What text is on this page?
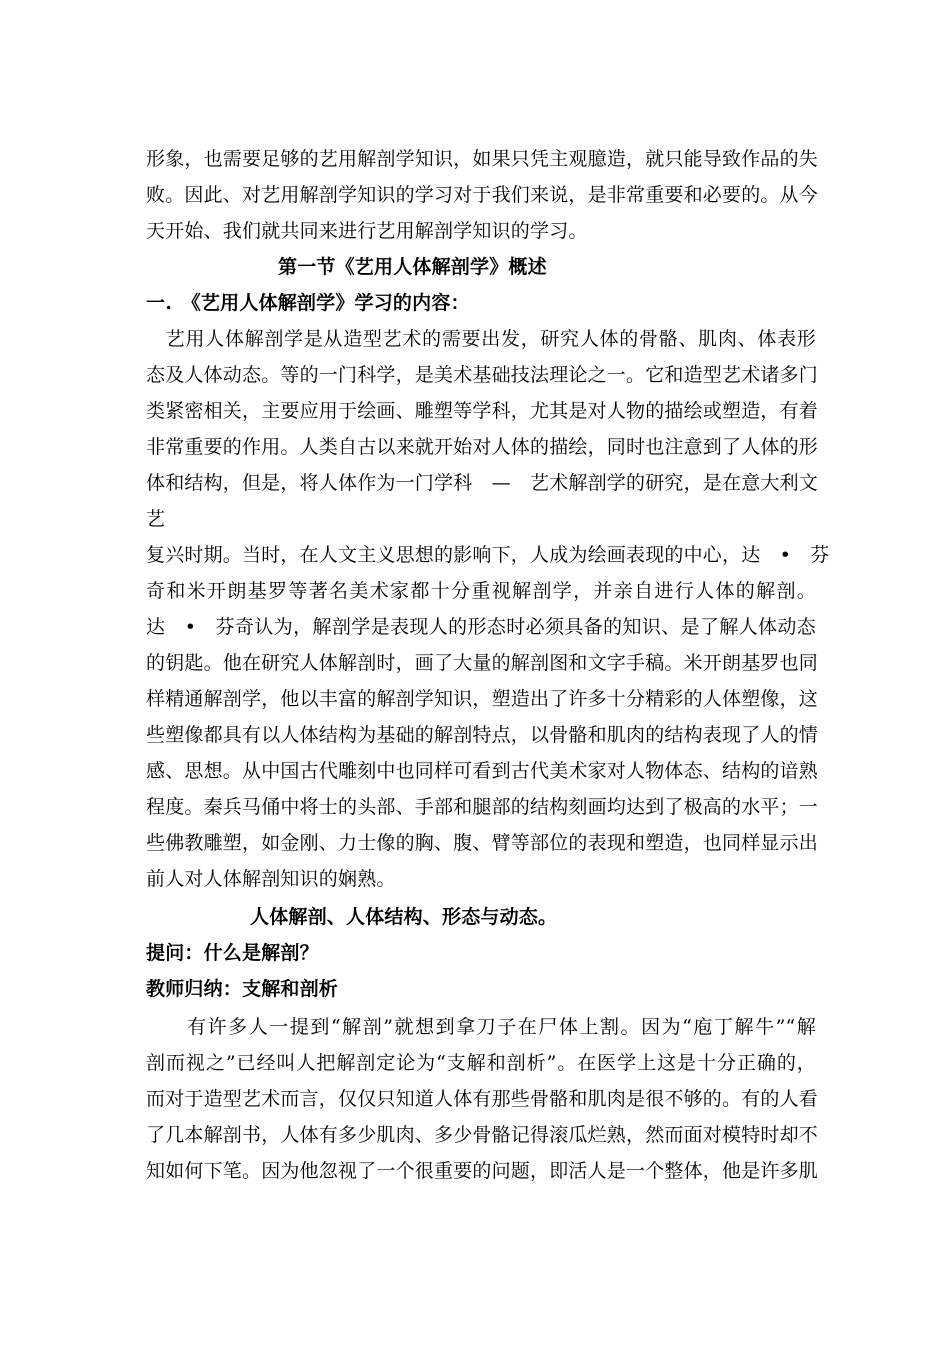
形象，也需要足够的艺用解剖学知识，如果只凭主观臆造，就只能导致作品的失
败。因此、对艺用解剖学知识的学习对于我们来说，是非常重要和必要的。从今
天开始、我们就共同来进行艺用解剖学知识的学习。
第一节《艺用人体解剖学》概述
一.　《艺用人体解剖学》学习的内容：
　艺用人体解剖学是从造型艺术的需要出发，研究人体的骨骼、肌肉、体表形
态及人体动态。等的一门科学，是美术基础技法理论之一。它和造型艺术诸多门
类紧密相关，主要应用于绘画、雕塑等学科，尤其是对人物的描绘或塑造，有着
非常重要的作用。人类自古以来就开始对人体的描绘，同时也注意到了人体的形
体和结构，但是，将人体作为一门学科　—　艺术解剖学的研究，是在意大利文
艺
复兴时期。当时，在人文主义思想的影响下，人成为绘画表现的中心，达　•　芬
奇和米开朗基罗等著名美术家都十分重视解剖学，并亲自进行人体的解剖。
达　•　芬奇认为，解剖学是表现人的形态时必须具备的知识、是了解人体动态
的钥匙。他在研究人体解剖时，画了大量的解剖图和文字手稿。米开朗基罗也同
样精通解剖学，他以丰富的解剖学知识，塑造出了许多十分精彩的人体塑像，这
些塑像都具有以人体结构为基础的解剖特点，以骨骼和肌肉的结构表现了人的情
感、思想。从中国古代雕刻中也同样可看到古代美术家对人物体态、结构的谙熟
程度。秦兵马俑中将士的头部、手部和腿部的结构刻画均达到了极高的水平；一
些佛教雕塑，如金刚、力士像的胸、腹、臂等部位的表现和塑造，也同样显示出
前人对人体解剖知识的娴熟。
人体解剖、人体结构、形态与动态。
提问：什么是解剖？
教师归纳：支解和剖析
　　有许多人一提到“解剖”就想到拿刀子在尸体上割。因为“庖丁解牛”“解
剖而视之”已经叫人把解剖定论为“支解和剖析”。在医学上这是十分正确的，
而对于造型艺术而言，仅仅只知道人体有那些骨骼和肌肉是很不够的。有的人看
了几本解剖书，人体有多少肌肉、多少骨骼记得滚瓜烂熟，然而面对模特时却不
知如何下笔。因为他忽视了一个很重要的问题，即活人是一个整体，他是许多肌
